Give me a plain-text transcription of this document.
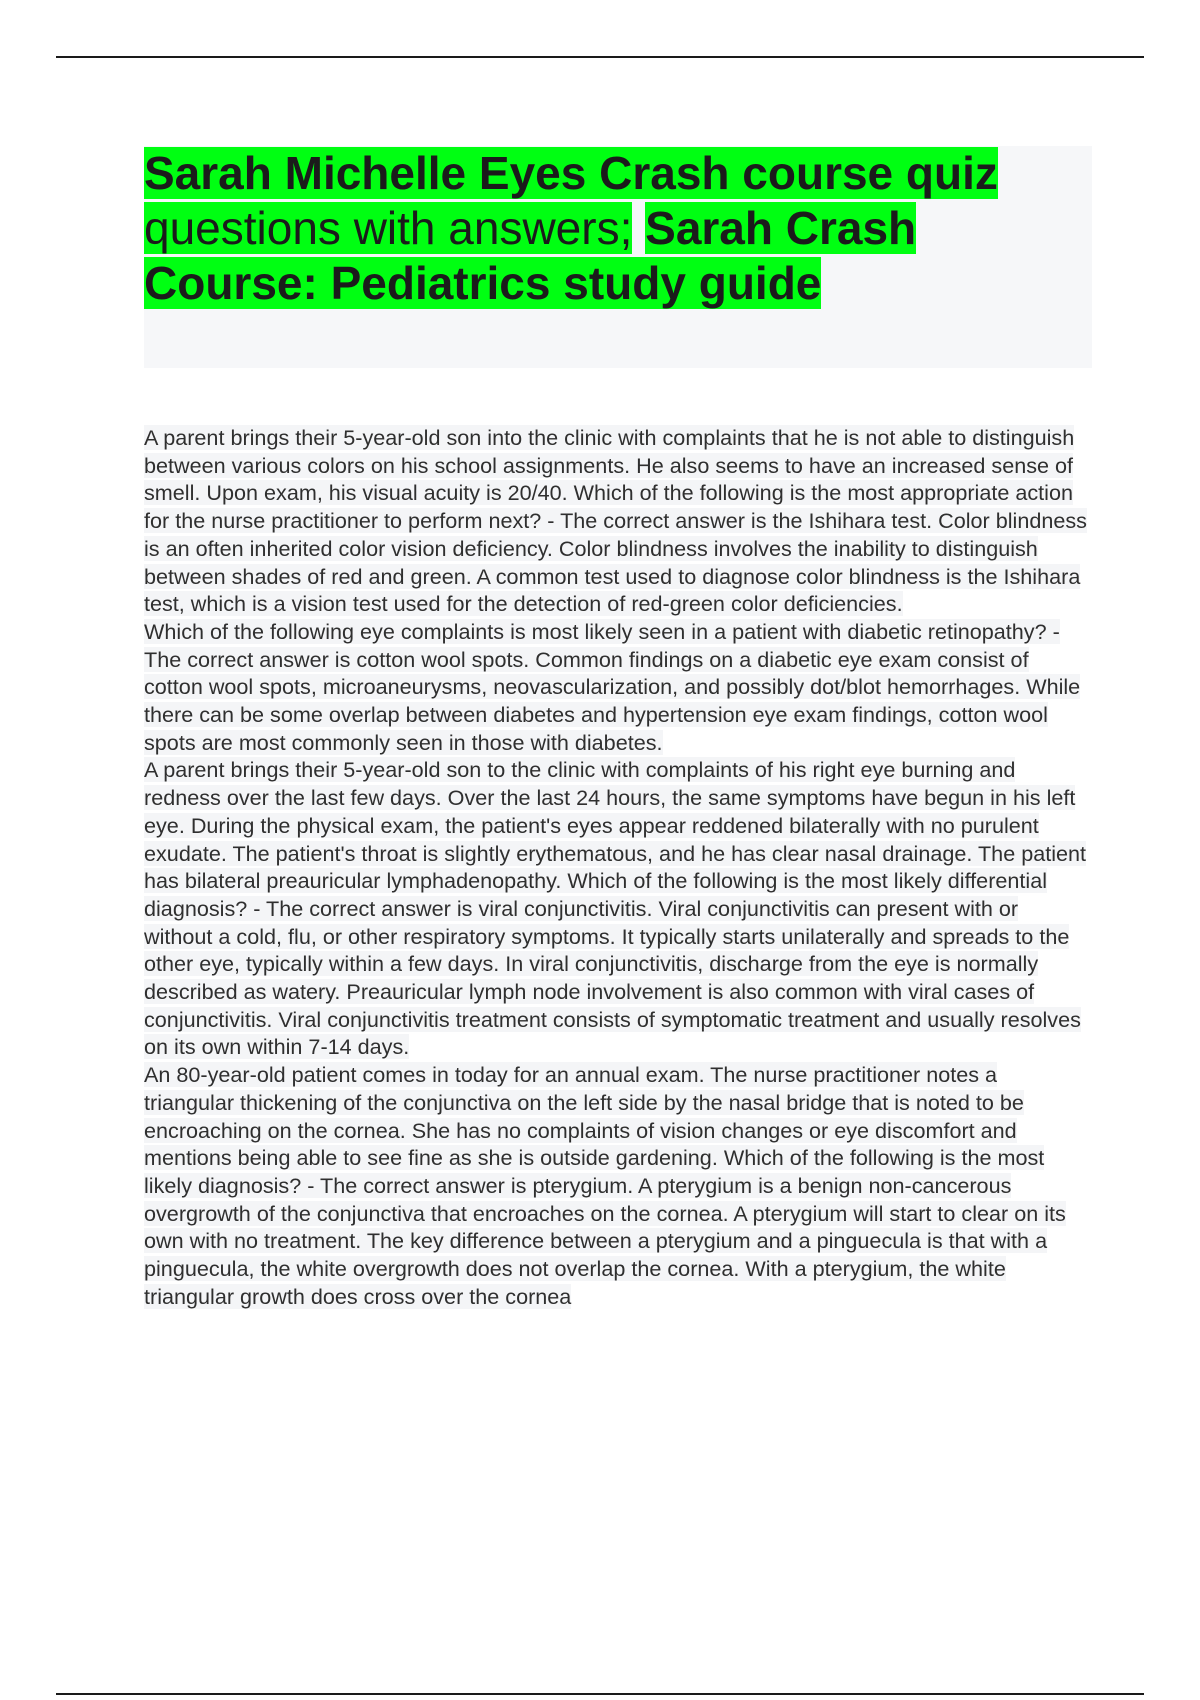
Sarah Michelle Eyes Crash course quiz questions with answers; Sarah Crash Course: Pediatrics study guide

A parent brings their 5-year-old son into the clinic with complaints that he is not able to distinguish between various colors on his school assignments. He also seems to have an increased sense of smell. Upon exam, his visual acuity is 20/40. Which of the following is the most appropriate action for the nurse practitioner to perform next? - The correct answer is the Ishihara test. Color blindness is an often inherited color vision deficiency. Color blindness involves the inability to distinguish between shades of red and green. A common test used to diagnose color blindness is the Ishihara test, which is a vision test used for the detection of red-green color deficiencies.

Which of the following eye complaints is most likely seen in a patient with diabetic retinopathy? - The correct answer is cotton wool spots. Common findings on a diabetic eye exam consist of cotton wool spots, microaneurysms, neovascularization, and possibly dot/blot hemorrhages. While there can be some overlap between diabetes and hypertension eye exam findings, cotton wool spots are most commonly seen in those with diabetes.

A parent brings their 5-year-old son to the clinic with complaints of his right eye burning and redness over the last few days. Over the last 24 hours, the same symptoms have begun in his left eye. During the physical exam, the patient's eyes appear reddened bilaterally with no purulent exudate. The patient's throat is slightly erythematous, and he has clear nasal drainage. The patient has bilateral preauricular lymphadenopathy. Which of the following is the most likely differential diagnosis? - The correct answer is viral conjunctivitis. Viral conjunctivitis can present with or without a cold, flu, or other respiratory symptoms. It typically starts unilaterally and spreads to the other eye, typically within a few days. In viral conjunctivitis, discharge from the eye is normally described as watery. Preauricular lymph node involvement is also common with viral cases of conjunctivitis. Viral conjunctivitis treatment consists of symptomatic treatment and usually resolves on its own within 7-14 days.

An 80-year-old patient comes in today for an annual exam. The nurse practitioner notes a triangular thickening of the conjunctiva on the left side by the nasal bridge that is noted to be encroaching on the cornea. She has no complaints of vision changes or eye discomfort and mentions being able to see fine as she is outside gardening. Which of the following is the most likely diagnosis? - The correct answer is pterygium. A pterygium is a benign non-cancerous overgrowth of the conjunctiva that encroaches on the cornea. A pterygium will start to clear on its own with no treatment. The key difference between a pterygium and a pinguecula is that with a pinguecula, the white overgrowth does not overlap the cornea. With a pterygium, the white triangular growth does cross over the cornea
